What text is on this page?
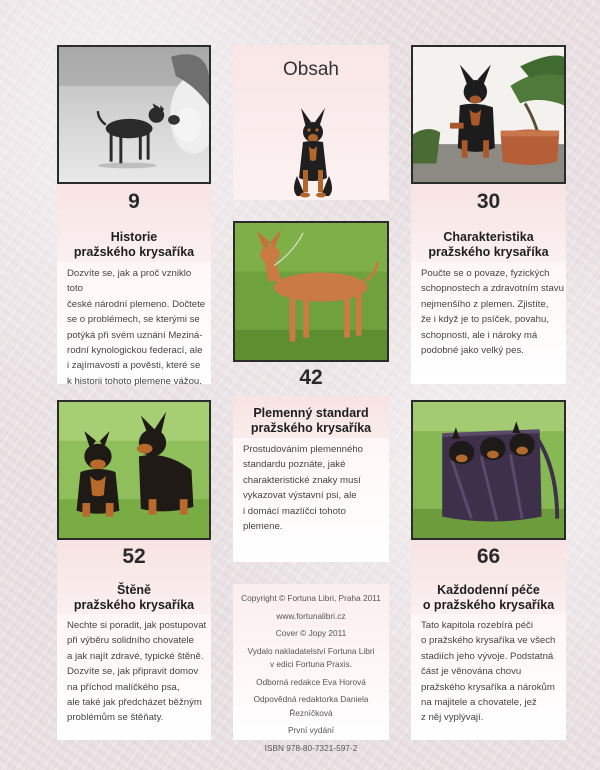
Obsah
9
Historie
pražského krysaříka
Dozvíte se, jak a proč vzniklo toto
české národní plemeno. Dočtete
se o problémech, se kterými se
potýká při svém uznání Meziná-
rodní kynologickou federací, ale
i zajímavosti a pověsti, které se
k historii tohoto plemene vážou.
30
Charakteristika
pražského krysaříka
Poučte se o povaze, fyzických
schopnostech a zdravotním stavu
nejmenšího z plemen. Zjistíte,
že i když je to psíček, povahu,
schopnosti, ale i nároky má
podobné jako velký pes.
42
Plemenný standard
pražského krysaříka
Prostudováním plemenného
standardu poznáte, jaké
charakteristické znaky musí
vykazovat výstavní psi, ale
i domácí mazlíčci tohoto
plemene.
52
Štěně
pražského krysaříka
Nechte si poradit, jak postupovat
při výběru solidního chovatele
a jak najít zdravé, typické štěně.
Dozvíte se, jak připravit domov
na příchod malíčkého psa,
ale také jak předcházet běžným
problémům se štěňaty.
Copyright © Fortuna Libri, Praha 2011
www.fortunalibri.cz
Cover © Jopy 2011
Vydalo nakladatelství Fortuna Libri
v edici Fortuna Praxis.
Odborná redakce Eva Horová
Odpovědná redaktorka Daniela Řezníčková
První vydání
ISBN 978-80-7321-597-2
66
Každodenní péče
o pražského krysaříka
Tato kapitola rozebírá péči
o pražského krysaříka ve všech
stadiích jeho vývoje. Podstatná
část je věnována chovu
pražského krysaříka a nárokům
na majitele a chovatele, jež
z něj vyplývají.
